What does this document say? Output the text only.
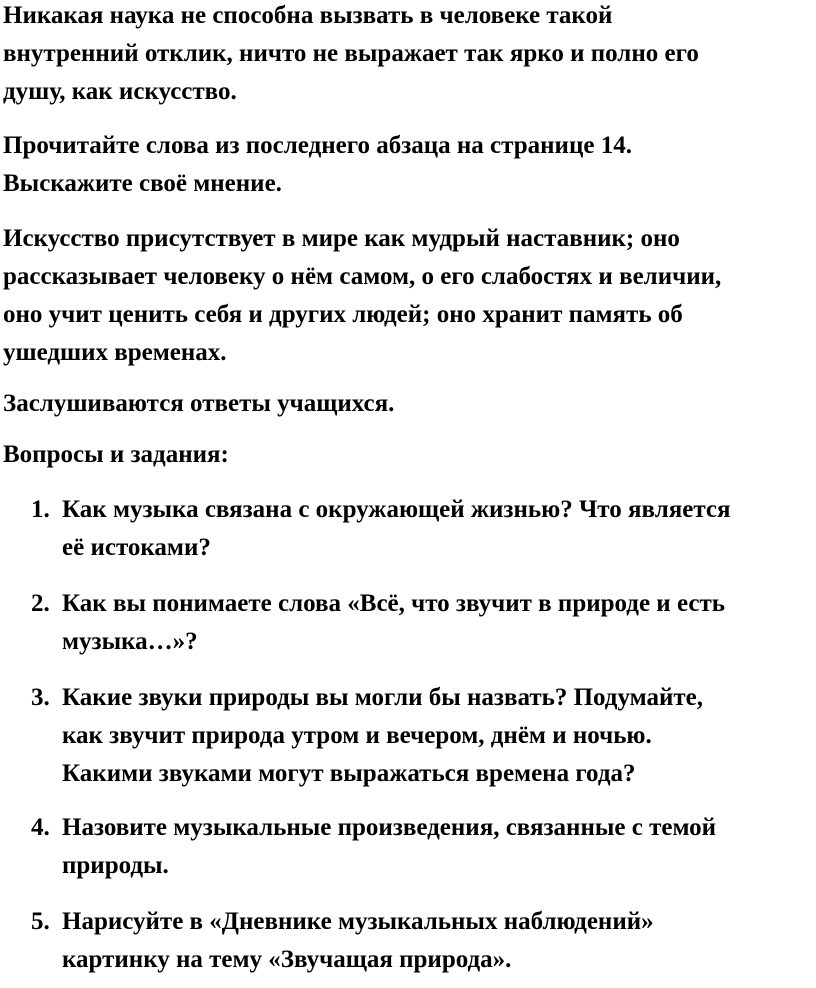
Никакая наука не способна вызвать в человеке такой
внутренний отклик, ничто не выражает так ярко и полно его
душу, как искусство.

Прочитайте слова из последнего абзаца на странице 14.
Выскажите своё мнение.

Искусство присутствует в мире как мудрый наставник; оно
рассказывает человеку о нём самом, о его слабостях и величии,
оно учит ценить себя и других людей; оно хранит память об
ушедших временах.

Заслушиваются ответы учащихся.

Вопросы и задания:

1. Как музыка связана с окружающей жизнью? Что является
её истоками?
2. Как вы понимаете слова «Всё, что звучит в природе и есть
музыка…»?
3. Какие звуки природы вы могли бы назвать? Подумайте,
как звучит природа утром и вечером, днём и ночью.
Какими звуками могут выражаться времена года?
4. Назовите музыкальные произведения, связанные с темой
природы.
5. Нарисуйте в «Дневнике музыкальных наблюдений»
картинку на тему «Звучащая природа».
